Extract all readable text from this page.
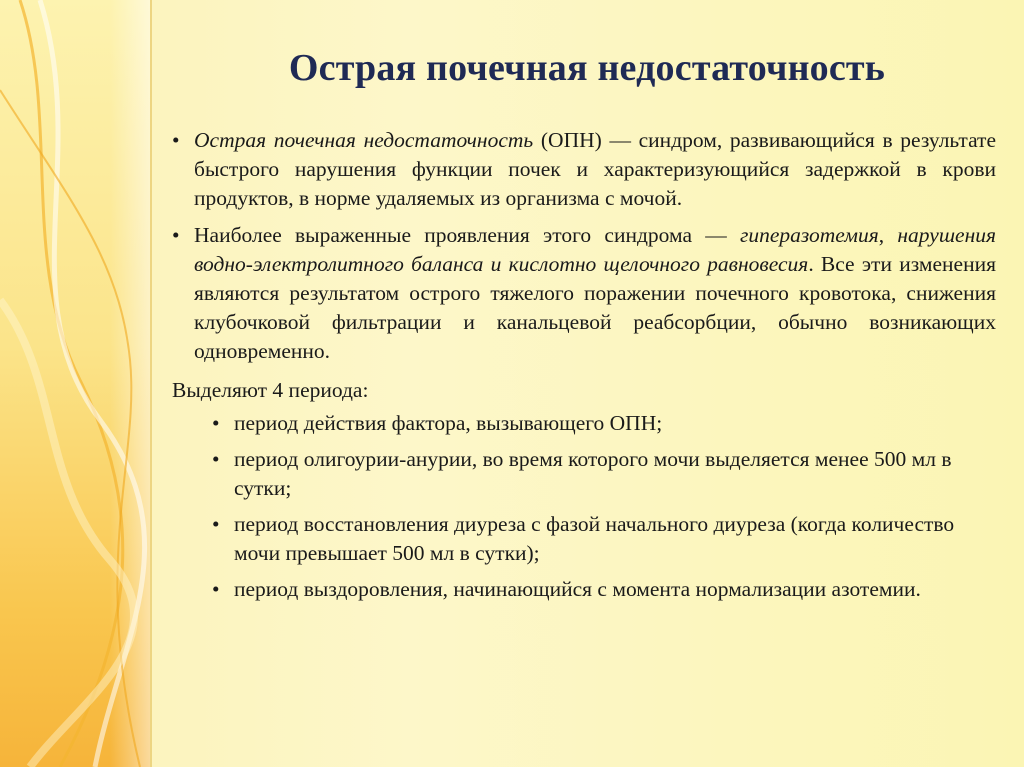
Острая почечная недостаточность
• Острая почечная недостаточность (ОПН) — синдром, развивающийся в результате быстрого нарушения функции почек и характеризующийся задержкой в крови продуктов, в норме удаляемых из организма с мочой.
• Наиболее выраженные проявления этого синдрома — гиперазотемия, нарушения водно-электролитного баланса и кислотно щелочного равновесия. Все эти изменения являются результатом острого тяжелого поражении почечного кровотока, снижения клубочковой фильтрации и канальцевой реабсорбции, обычно возникающих одновременно.
Выделяют 4 периода:
• период действия фактора, вызывающего ОПН;
• период олигоурии-анурии, во время которого мочи выделяется менее 500 мл в сутки;
• период восстановления диуреза с фазой начального диуреза (когда количество мочи превышает 500 мл в сутки);
• период выздоровления, начинающийся с момента нормализации азотемии.
